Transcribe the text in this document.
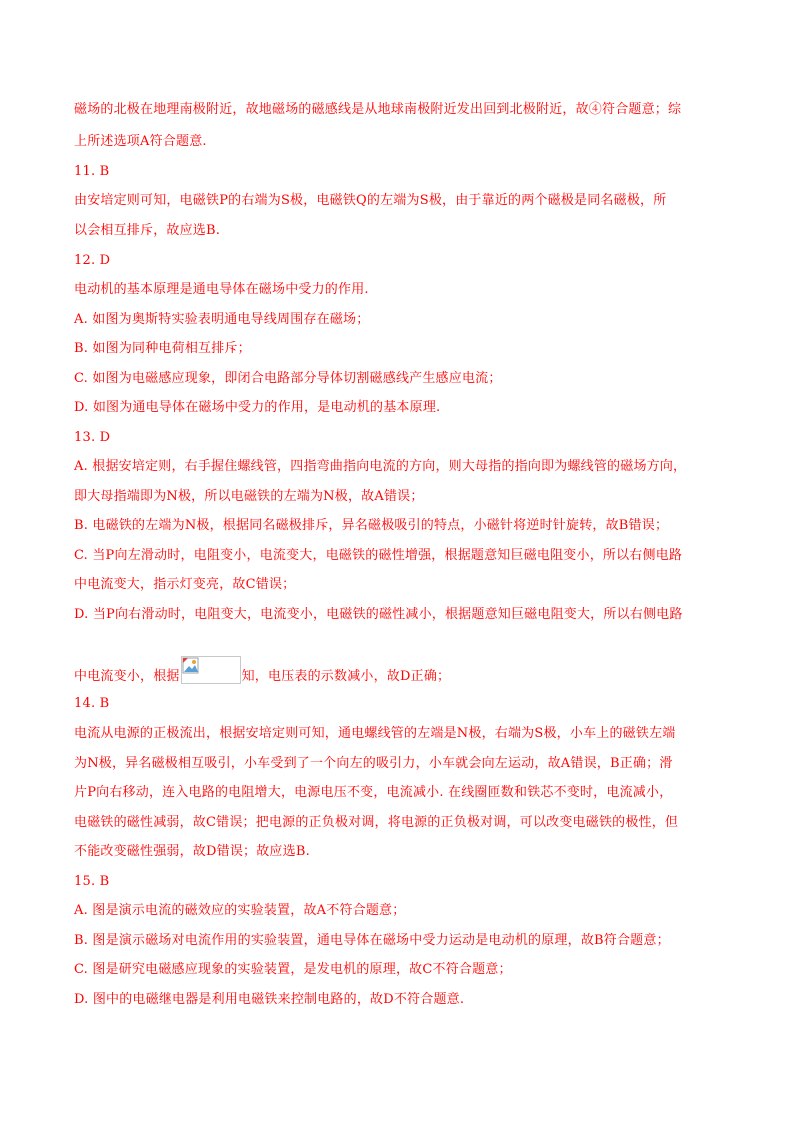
磁场的北极在地理南极附近，故地磁场的磁感线是从地球南极附近发出回到北极附近，故④符合题意；综
上所述选项A符合题意.
11. B
由安培定则可知，电磁铁P的右端为S极，电磁铁Q的左端为S极，由于靠近的两个磁极是同名磁极，所
以会相互排斥，故应选B.
12. D
电动机的基本原理是通电导体在磁场中受力的作用.
A. 如图为奥斯特实验表明通电导线周围存在磁场；
B. 如图为同种电荷相互排斥；
C. 如图为电磁感应现象，即闭合电路部分导体切割磁感线产生感应电流；
D. 如图为通电导体在磁场中受力的作用，是电动机的基本原理.
13. D
A. 根据安培定则，右手握住螺线管，四指弯曲指向电流的方向，则大母指的指向即为螺线管的磁场方向，
即大母指端即为N极，所以电磁铁的左端为N极，故A错误；
B. 电磁铁的左端为N极，根据同名磁极排斥，异名磁极吸引的特点，小磁针将逆时针旋转，故B错误；
C. 当P向左滑动时，电阻变小，电流变大，电磁铁的磁性增强，根据题意知巨磁电阻变小，所以右侧电路
中电流变大，指示灯变亮，故C错误；
D. 当P向右滑动时，电阻变大，电流变小，电磁铁的磁性减小，根据题意知巨磁电阻变大，所以右侧电路
中电流变小，根据	知，电压表的示数减小，故D正确；
14. B
电流从电源的正极流出，根据安培定则可知，通电螺线管的左端是N极，右端为S极，小车上的磁铁左端
为N极，异名磁极相互吸引，小车受到了一个向左的吸引力，小车就会向左运动，故A错误，B正确；滑
片P向右移动，连入电路的电阻增大，电源电压不变，电流减小. 在线圈匝数和铁芯不变时，电流减小，
电磁铁的磁性减弱，故C错误；把电源的正负极对调，将电源的正负极对调，可以改变电磁铁的极性，但
不能改变磁性强弱，故D错误；故应选B.
15. B
A. 图是演示电流的磁效应的实验装置，故A不符合题意；
B. 图是演示磁场对电流作用的实验装置，通电导体在磁场中受力运动是电动机的原理，故B符合题意；
C. 图是研究电磁感应现象的实验装置，是发电机的原理，故C不符合题意；
D. 图中的电磁继电器是利用电磁铁来控制电路的，故D不符合题意.
